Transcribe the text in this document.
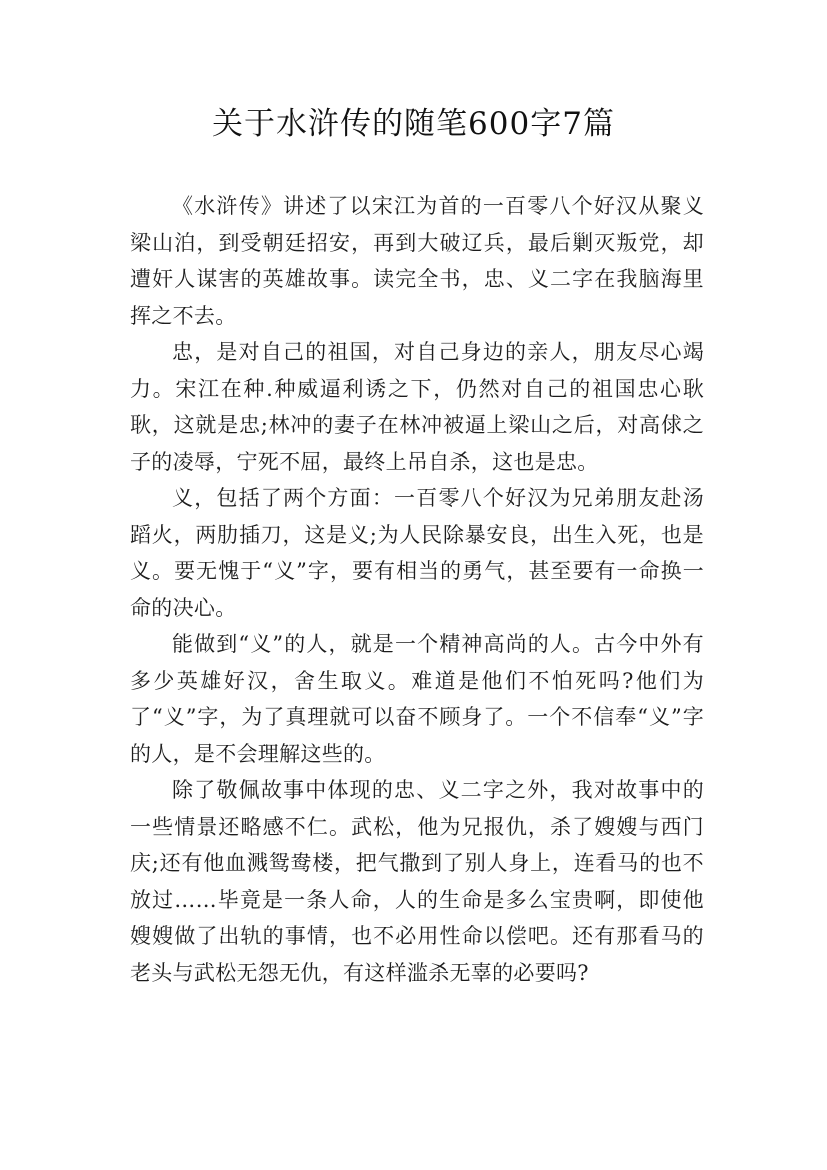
关于水浒传的随笔600字7篇

《水浒传》讲述了以宋江为首的一百零八个好汉从聚义梁山泊，到受朝廷招安，再到大破辽兵，最后剿灭叛党，却遭奸人谋害的英雄故事。读完全书，忠、义二字在我脑海里挥之不去。

忠，是对自己的祖国，对自己身边的亲人，朋友尽心竭力。宋江在种.种威逼利诱之下，仍然对自己的祖国忠心耿耿，这就是忠;林冲的妻子在林冲被逼上梁山之后，对高俅之子的凌辱，宁死不屈，最终上吊自杀，这也是忠。

义，包括了两个方面：一百零八个好汉为兄弟朋友赴汤蹈火，两肋插刀，这是义;为人民除暴安良，出生入死，也是义。要无愧于“义”字，要有相当的勇气，甚至要有一命换一命的决心。

能做到“义”的人，就是一个精神高尚的人。古今中外有多少英雄好汉，舍生取义。难道是他们不怕死吗?他们为了“义”字，为了真理就可以奋不顾身了。一个不信奉“义”字的人，是不会理解这些的。

除了敬佩故事中体现的忠、义二字之外，我对故事中的一些情景还略感不仁。武松，他为兄报仇，杀了嫂嫂与西门庆;还有他血溅鸳鸯楼，把气撒到了别人身上，连看马的也不放过……毕竟是一条人命，人的生命是多么宝贵啊，即使他嫂嫂做了出轨的事情，也不必用性命以偿吧。还有那看马的老头与武松无怨无仇，有这样滥杀无辜的必要吗?
